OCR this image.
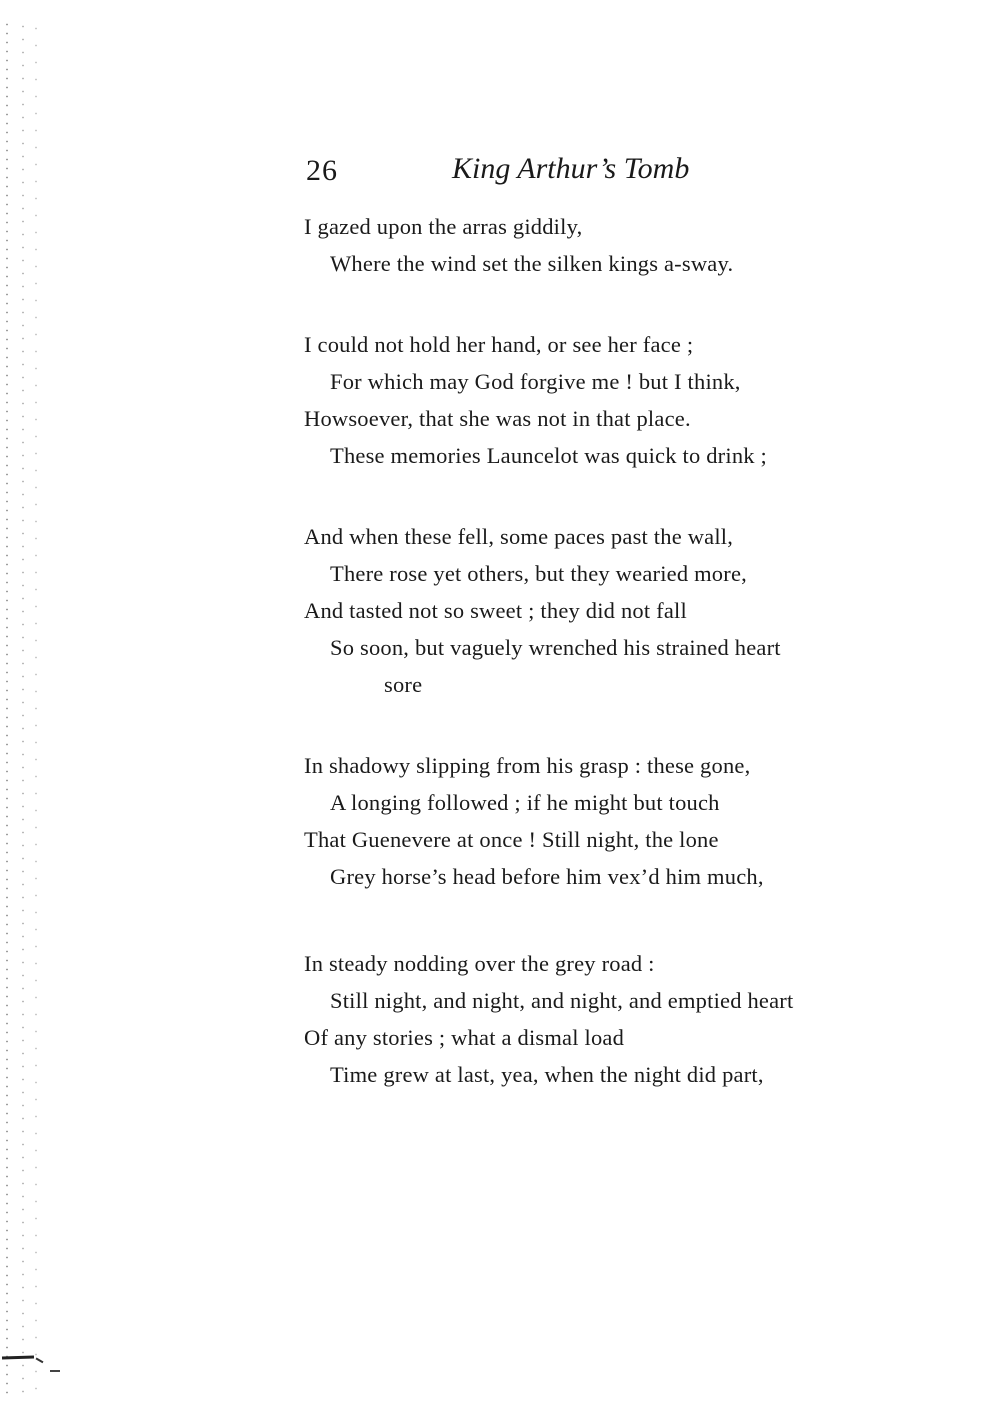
26	King Arthur’s Tomb
I gazed upon the arras giddily,
Where the wind set the silken kings a-sway.
I could not hold her hand, or see her face ;
For which may God forgive me ! but I think,
Howsoever, that she was not in that place.
These memories Launcelot was quick to drink ;
And when these fell, some paces past the wall,
There rose yet others, but they wearied more,
And tasted not so sweet ; they did not fall
So soon, but vaguely wrenched his strained heart
sore
In shadowy slipping from his grasp : these gone,
A longing followed ; if he might but touch
That Guenevere at once ! Still night, the lone
Grey horse’s head before him vex’d him much,
In steady nodding over the grey road :
Still night, and night, and night, and emptied heart
Of any stories ; what a dismal load
Time grew at last, yea, when the night did part,
